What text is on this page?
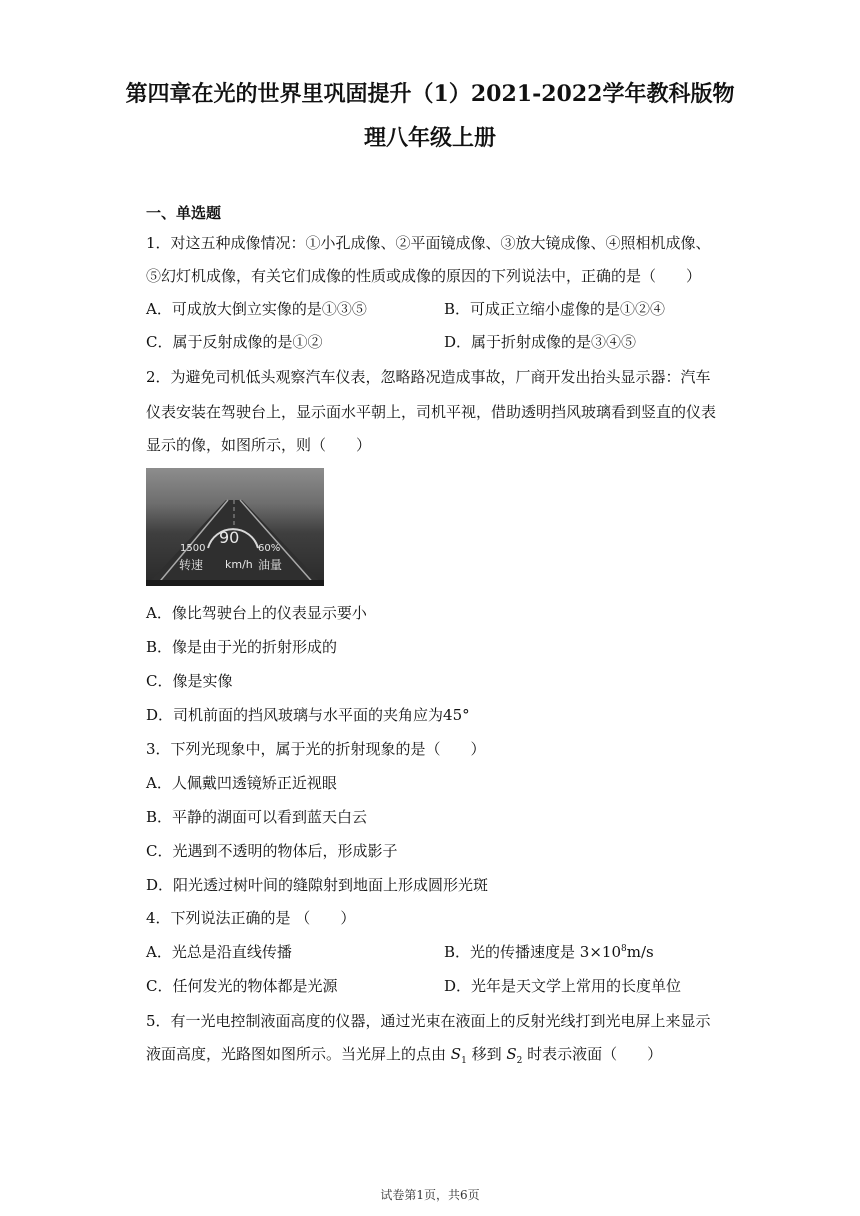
第四章在光的世界里巩固提升（1）2021-2022学年教科版物
理八年级上册
一、单选题
1．对这五种成像情况：①小孔成像、②平面镜成像、③放大镜成像、④照相机成像、
⑤幻灯机成像，有关它们成像的性质或成像的原因的下列说法中，正确的是（　　）
A．可成放大倒立实像的是①③⑤	B．可成正立缩小虚像的是①②④
C．属于反射成像的是①②	D．属于折射成像的是③④⑤
2．为避免司机低头观察汽车仪表，忽略路况造成事故，厂商开发出抬头显示器：汽车
仪表安装在驾驶台上，显示面水平朝上，司机平视，借助透明挡风玻璃看到竖直的仪表
显示的像，如图所示，则（　　）
90
1500
转速 km/h
60%
油量
A．像比驾驶台上的仪表显示要小
B．像是由于光的折射形成的
C．像是实像
D．司机前面的挡风玻璃与水平面的夹角应为45°
3．下列光现象中，属于光的折射现象的是（　　）
A．人佩戴凹透镜矫正近视眼
B．平静的湖面可以看到蓝天白云
C．光遇到不透明的物体后，形成影子
D．阳光透过树叶间的缝隙射到地面上形成圆形光斑
4．下列说法正确的是 （　　）
A．光总是沿直线传播	B．光的传播速度是 $3\times 10^8m/s$
C．任何发光的物体都是光源	D．光年是天文学上常用的长度单位
5．有一光电控制液面高度的仪器，通过光束在液面上的反射光线打到光电屏上来显示
液面高度，光路图如图所示。当光屏上的点由 $S_1$ 移到 $S_2$ 时表示液面（　　）
试卷第1页，共6页
